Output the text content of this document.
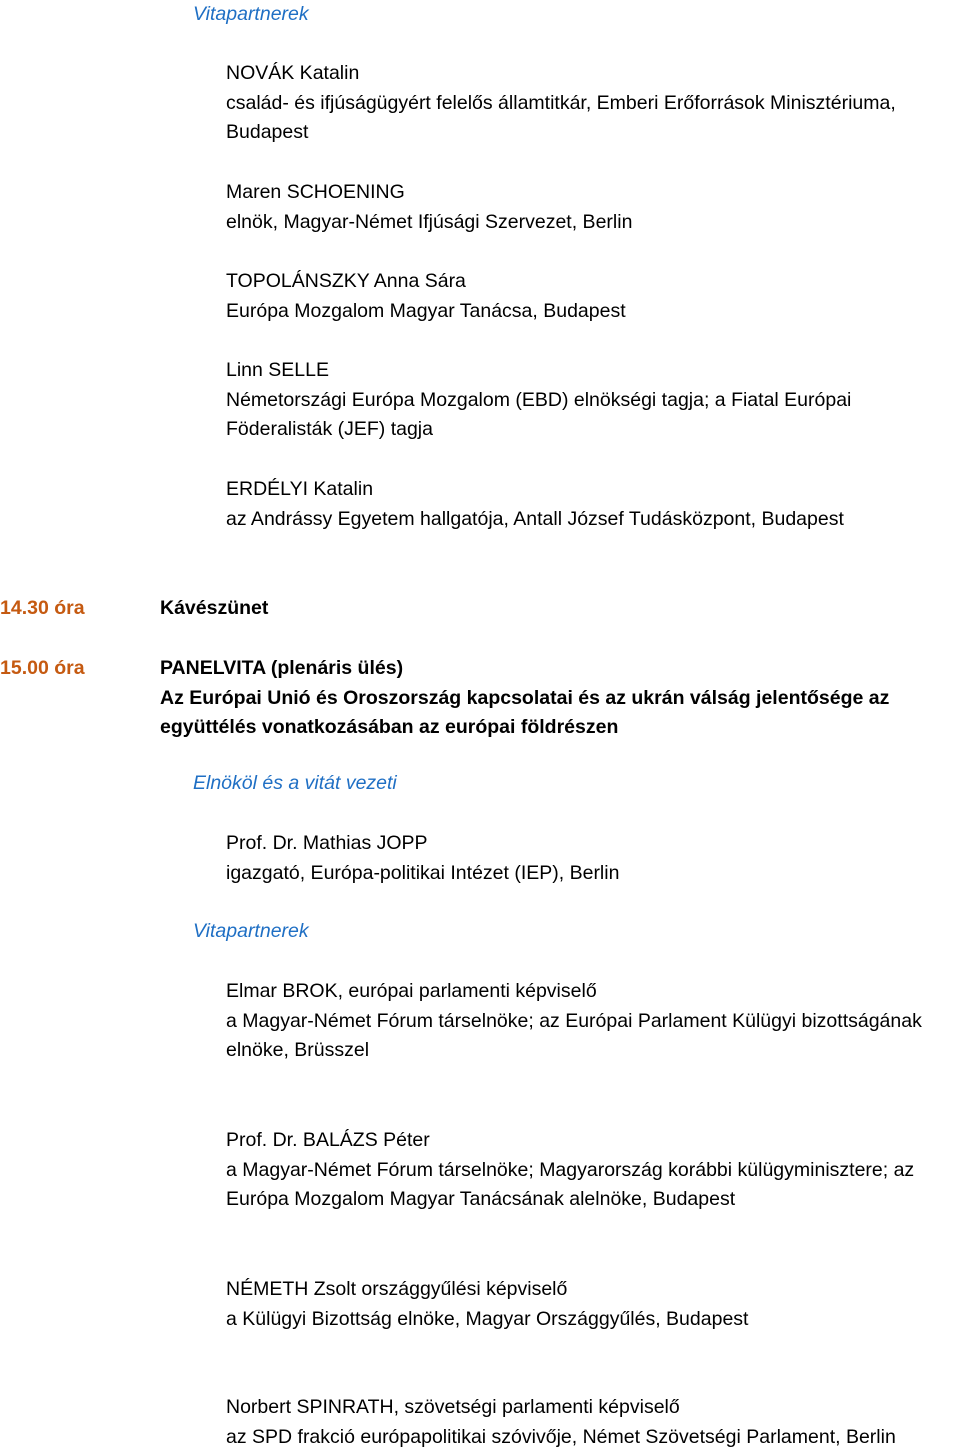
Vitapartnerek
NOVÁK Katalin
család- és ifjúságügyért felelős államtitkár, Emberi Erőforrások Minisztériuma,
Budapest
Maren SCHOENING
elnök, Magyar-Német Ifjúsági Szervezet, Berlin
TOPOLÁNSZKY Anna Sára
Európa Mozgalom Magyar Tanácsa, Budapest
Linn SELLE
Németországi Európa Mozgalom (EBD) elnökségi tagja; a Fiatal Európai
Föderalisták (JEF) tagja
ERDÉLYI Katalin
az Andrássy Egyetem hallgatója, Antall József Tudásközpont, Budapest
14.30 óra	Kávészünet
15.00 óra	PANELVITA (plenáris ülés)
Az Európai Unió és Oroszország kapcsolatai és az ukrán válság jelentősége az
együttélés vonatkozásában az európai földrészen
Elnököl és a vitát vezeti
Prof. Dr. Mathias JOPP
igazgató, Európa-politikai Intézet (IEP), Berlin
Vitapartnerek
Elmar BROK, európai parlamenti képviselő
a Magyar-Német Fórum társelnöke; az Európai Parlament Külügyi bizottságának
elnöke, Brüsszel
Prof. Dr. BALÁZS Péter
a Magyar-Német Fórum társelnöke; Magyarország korábbi külügyminisztere; az
Európa Mozgalom Magyar Tanácsának alelnöke, Budapest
NÉMETH Zsolt országgyűlési képviselő
a Külügyi Bizottság elnöke, Magyar Országgyűlés, Budapest
Norbert SPINRATH, szövetségi parlamenti képviselő
az SPD frakció európapolitikai szóvivője, Német Szövetségi Parlament, Berlin
